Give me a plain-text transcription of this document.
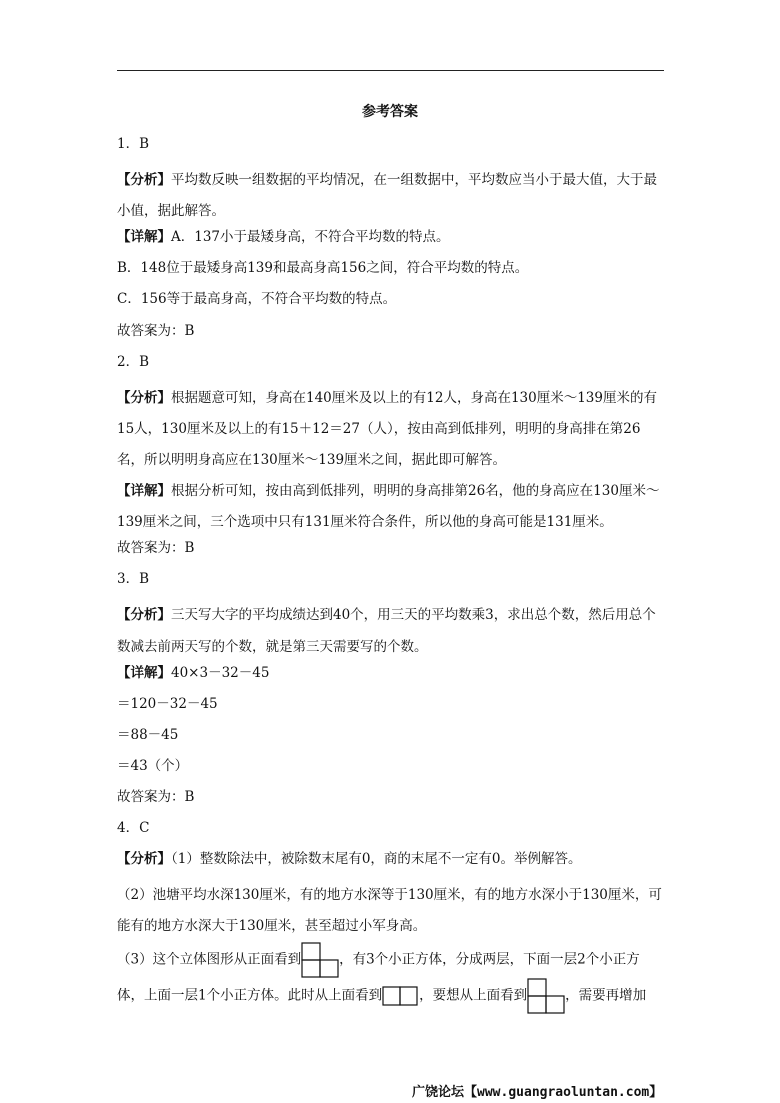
参考答案
1．B
【分析】平均数反映一组数据的平均情况，在一组数据中，平均数应当小于最大值，大于最小值，据此解答。
【详解】A．137小于最矮身高，不符合平均数的特点。
B．148位于最矮身高139和最高身高156之间，符合平均数的特点。
C．156等于最高身高，不符合平均数的特点。
故答案为：B
2．B
【分析】根据题意可知，身高在140厘米及以上的有12人，身高在130厘米～139厘米的有15人，130厘米及以上的有15＋12＝27（人），按由高到低排列，明明的身高排在第26名，所以明明身高应在130厘米～139厘米之间，据此即可解答。
【详解】根据分析可知，按由高到低排列，明明的身高排第26名，他的身高应在130厘米～139厘米之间，三个选项中只有131厘米符合条件，所以他的身高可能是131厘米。
故答案为：B
3．B
【分析】三天写大字的平均成绩达到40个，用三天的平均数乘3，求出总个数，然后用总个数减去前两天写的个数，就是第三天需要写的个数。
【详解】40×3－32－45
＝120－32－45
＝88－45
＝43（个）
故答案为：B
4．C
【分析】（1）整数除法中，被除数末尾有0，商的末尾不一定有0。举例解答。
（2）池塘平均水深130厘米，有的地方水深等于130厘米，有的地方水深小于130厘米，可能有的地方水深大于130厘米，甚至超过小军身高。
（3）这个立体图形从正面看到	，有3个小正方体，分成两层，下面一层2个小正方体，上面一层1个小正方体。此时从上面看到	，要想从上面看到	，需要再增加
广饶论坛【www.guangraoluntan.com】
